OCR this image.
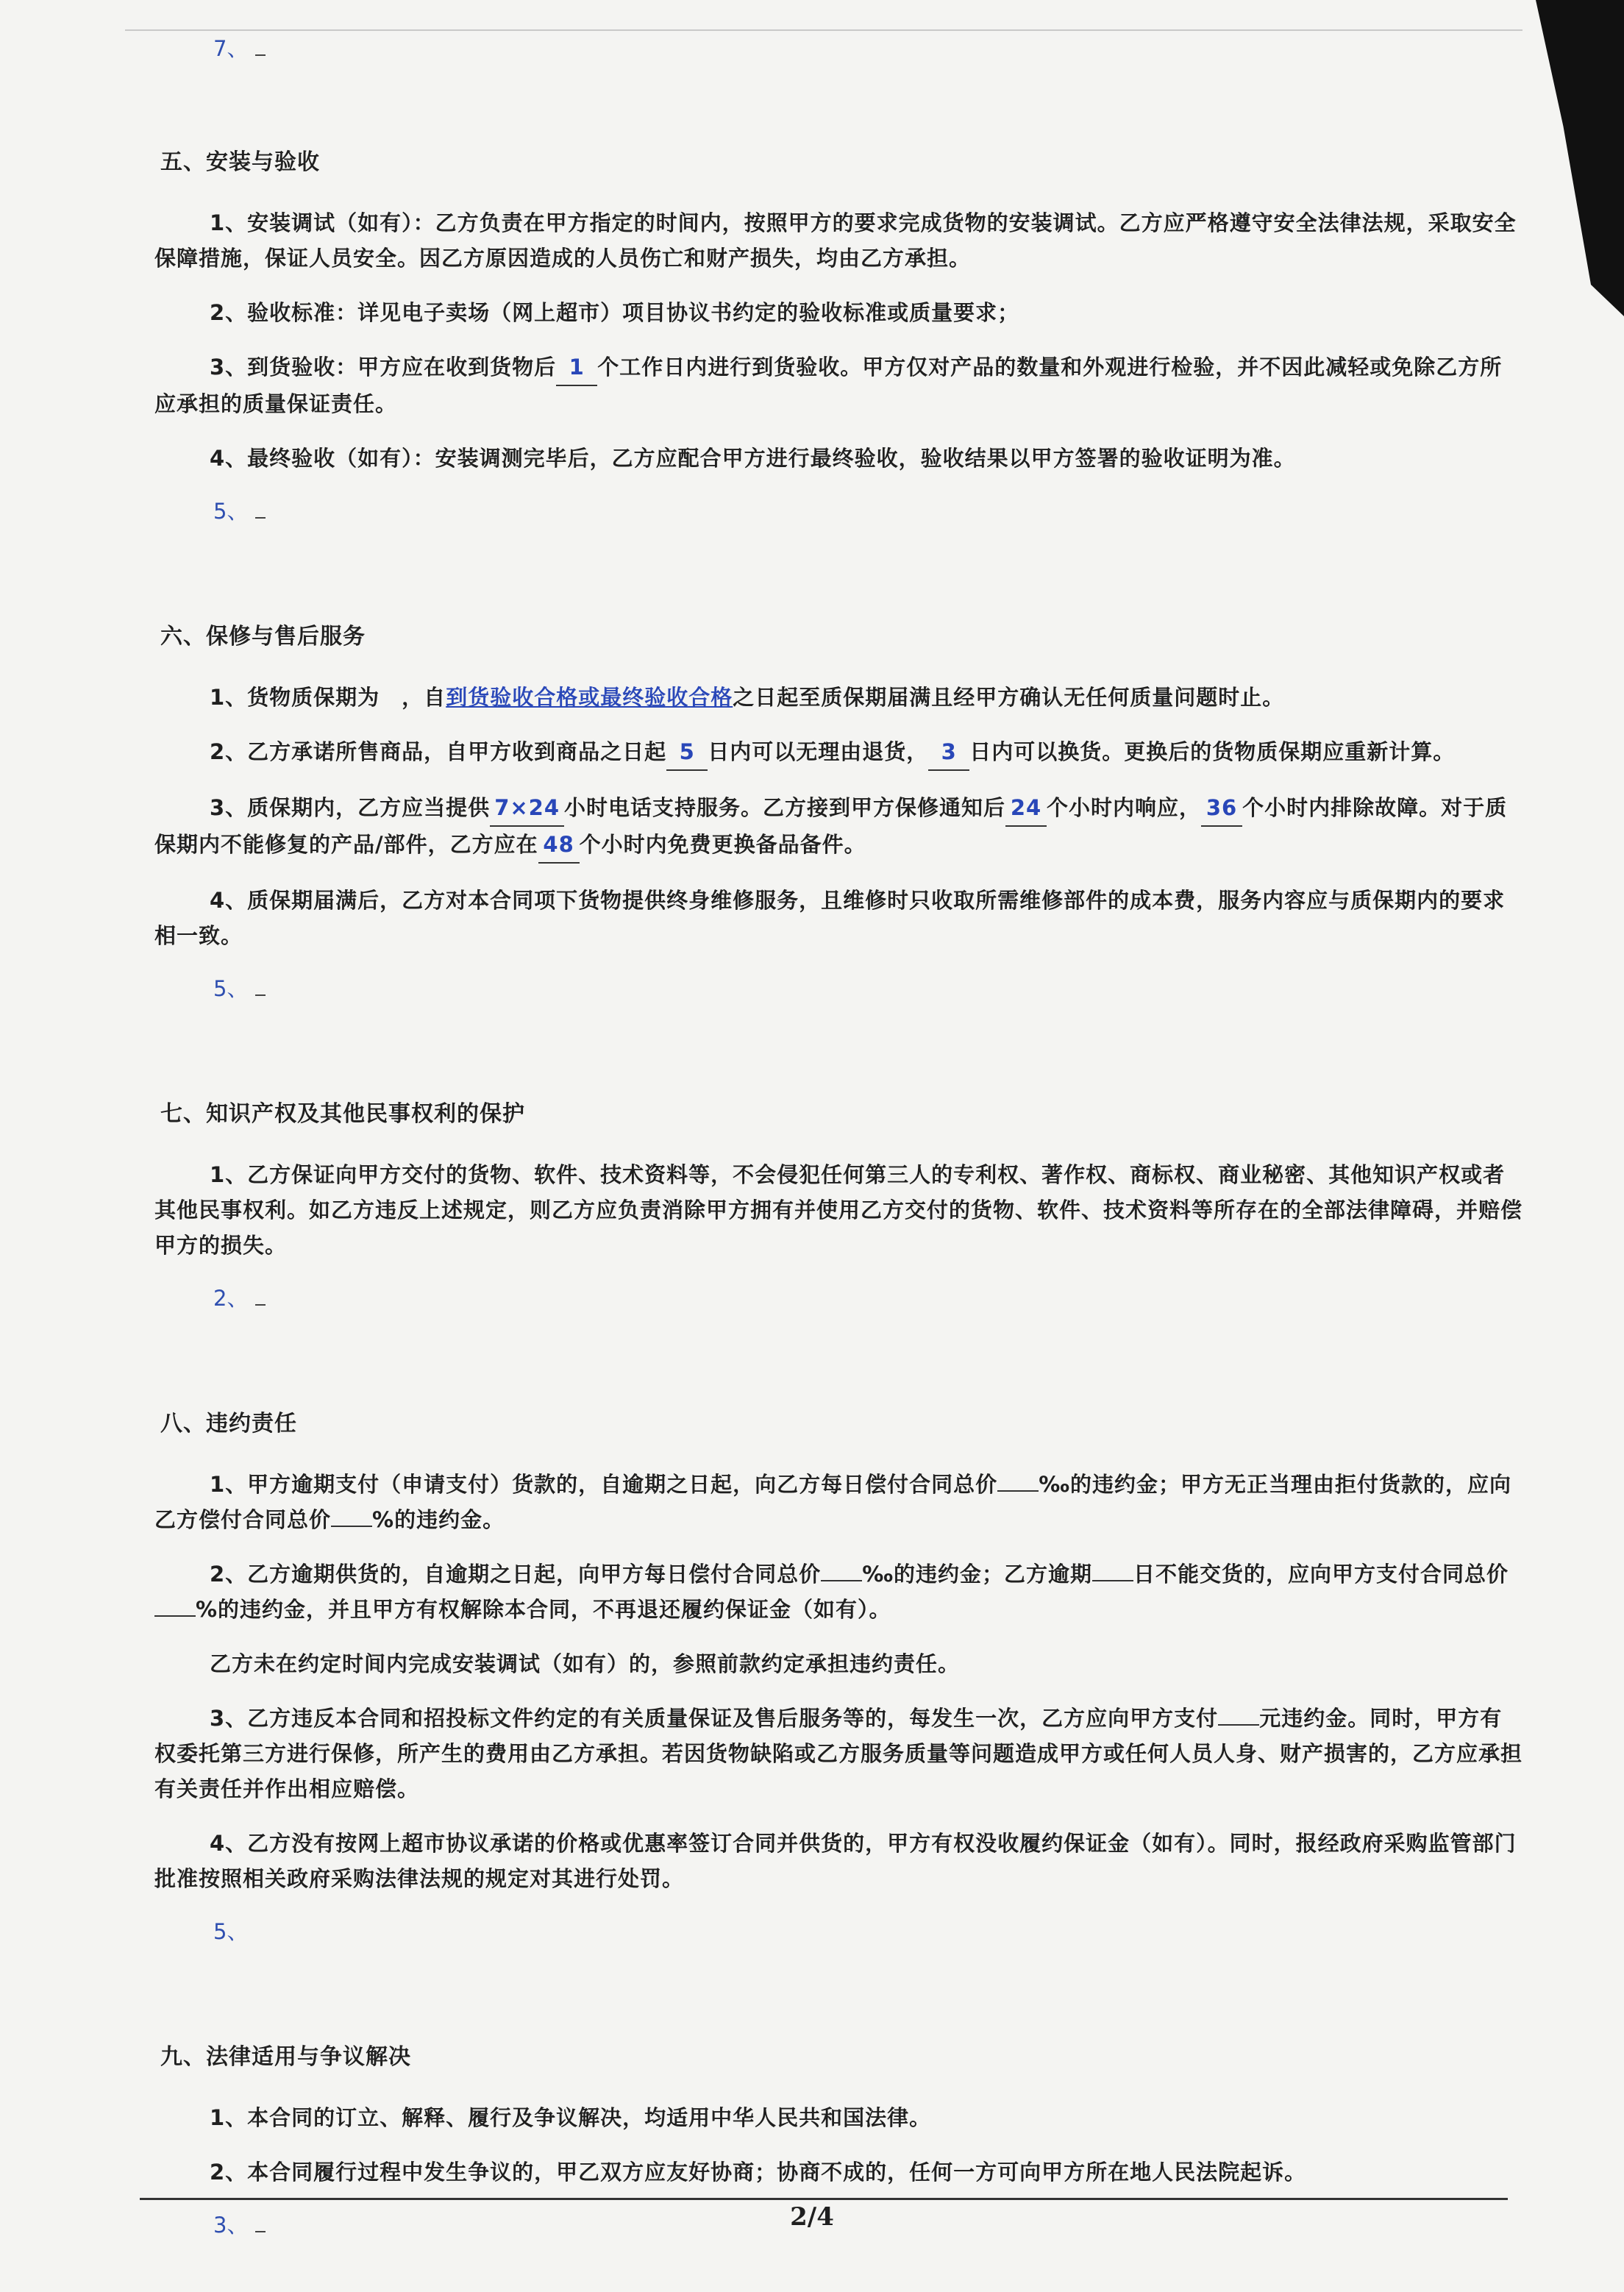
7、
五、安装与验收

1、安装调试（如有）：乙方负责在甲方指定的时间内，按照甲方的要求完成货物的安装调试。乙方应严格遵守安全法律法规，采取安全保障措施，保证人员安全。因乙方原因造成的人员伤亡和财产损失，均由乙方承担。

2、验收标准：详见电子卖场（网上超市）项目协议书约定的验收标准或质量要求；

3、到货验收：甲方应在收到货物后 1 个工作日内进行到货验收。甲方仅对产品的数量和外观进行检验，并不因此减轻或免除乙方所应承担的质量保证责任。

4、最终验收（如有）：安装调测完毕后，乙方应配合甲方进行最终验收，验收结果以甲方签署的验收证明为准。

5、
六、保修与售后服务

1、货物质保期为　，自到货验收合格或最终验收合格之日起至质保期届满且经甲方确认无任何质量问题时止。

2、乙方承诺所售商品，自甲方收到商品之日起 5 日内可以无理由退货， 3 日内可以换货。更换后的货物质保期应重新计算。

3、质保期内，乙方应当提供 7×24 小时电话支持服务。乙方接到甲方保修通知后 24 个小时内响应， 36 个小时内排除故障。对于质保期内不能修复的产品/部件，乙方应在 48 个小时内免费更换备品备件。

4、质保期届满后，乙方对本合同项下货物提供终身维修服务，且维修时只收取所需维修部件的成本费，服务内容应与质保期内的要求相一致。

5、
七、知识产权及其他民事权利的保护

1、乙方保证向甲方交付的货物、软件、技术资料等，不会侵犯任何第三人的专利权、著作权、商标权、商业秘密、其他知识产权或者其他民事权利。如乙方违反上述规定，则乙方应负责消除甲方拥有并使用乙方交付的货物、软件、技术资料等所存在的全部法律障碍，并赔偿甲方的损失。

2、
八、违约责任

1、甲方逾期支付（申请支付）货款的，自逾期之日起，向乙方每日偿付合同总价 ‰的违约金；甲方无正当理由拒付货款的，应向乙方偿付合同总价 %的违约金。

2、乙方逾期供货的，自逾期之日起，向甲方每日偿付合同总价 ‰的违约金；乙方逾期 日不能交货的，应向甲方支付合同总价%的违约金，并且甲方有权解除本合同，不再退还履约保证金（如有）。

乙方未在约定时间内完成安装调试（如有）的，参照前款约定承担违约责任。

3、乙方违反本合同和招投标文件约定的有关质量保证及售后服务等的，每发生一次，乙方应向甲方支付 元违约金。同时，甲方有权委托第三方进行保修，所产生的费用由乙方承担。若因货物缺陷或乙方服务质量等问题造成甲方或任何人员人身、财产损害的，乙方应承担有关责任并作出相应赔偿。

4、乙方没有按网上超市协议承诺的价格或优惠率签订合同并供货的，甲方有权没收履约保证金（如有）。同时，报经政府采购监管部门批准按照相关政府采购法律法规的规定对其进行处罚。

5、
九、法律适用与争议解决

1、本合同的订立、解释、履行及争议解决，均适用中华人民共和国法律。

2、本合同履行过程中发生争议的，甲乙双方应友好协商；协商不成的，任何一方可向甲方所在地人民法院起诉。

3、	2/4
